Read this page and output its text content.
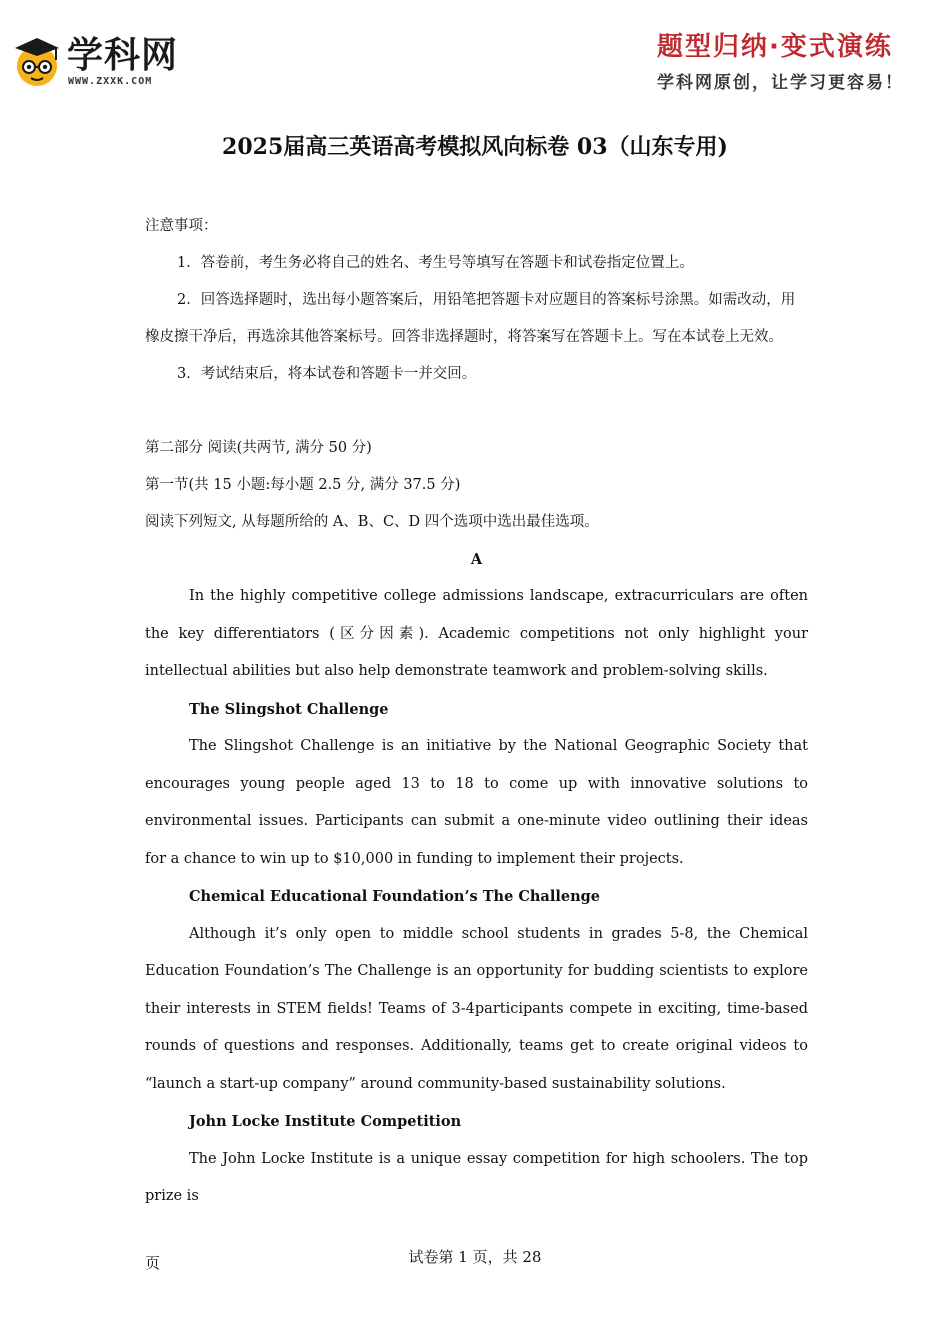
学科网
WWW.ZXXK.COM
题型归纳·变式演练
学科网原创，让学习更容易！
2025届高三英语高考模拟风向标卷 03（山东专用)

注意事项：

1．答卷前，考生务必将自己的姓名、考生号等填写在答题卡和试卷指定位置上。

2．回答选择题时，选出每小题答案后，用铅笔把答题卡对应题目的答案标号涂黑。如需改动，用橡皮擦干净后，再选涂其他答案标号。回答非选择题时，将答案写在答题卡上。写在本试卷上无效。

3．考试结束后，将本试卷和答题卡一并交回。

第二部分 阅读(共两节, 满分 50 分)

第一节(共 15 小题:每小题 2.5 分, 满分 37.5 分)

阅读下列短文, 从每题所给的 A、B、C、D 四个选项中选出最佳选项。

A

In the highly competitive college admissions landscape, extracurriculars are often the key differentiators (区分因素). Academic competitions not only highlight your intellectual abilities but also help demonstrate teamwork and problem-solving skills.

The Slingshot Challenge

The Slingshot Challenge is an initiative by the National Geographic Society that encourages young people aged 13 to 18 to come up with innovative solutions to environmental issues. Participants can submit a one-minute video outlining their ideas for a chance to win up to $10,000 in funding to implement their projects.

Chemical Educational Foundation’s The Challenge

Although it’s only open to middle school students in grades 5-8, the Chemical Education Foundation’s The Challenge is an opportunity for budding scientists to explore their interests in STEM fields! Teams of 3-4participants compete in exciting, time-based rounds of questions and responses. Additionally, teams get to create original videos to “launch a start-up company” around community-based sustainability solutions.

John Locke Institute Competition

The John Locke Institute is a unique essay competition for high schoolers. The top prize is

页	试卷第 1 页，共 28
